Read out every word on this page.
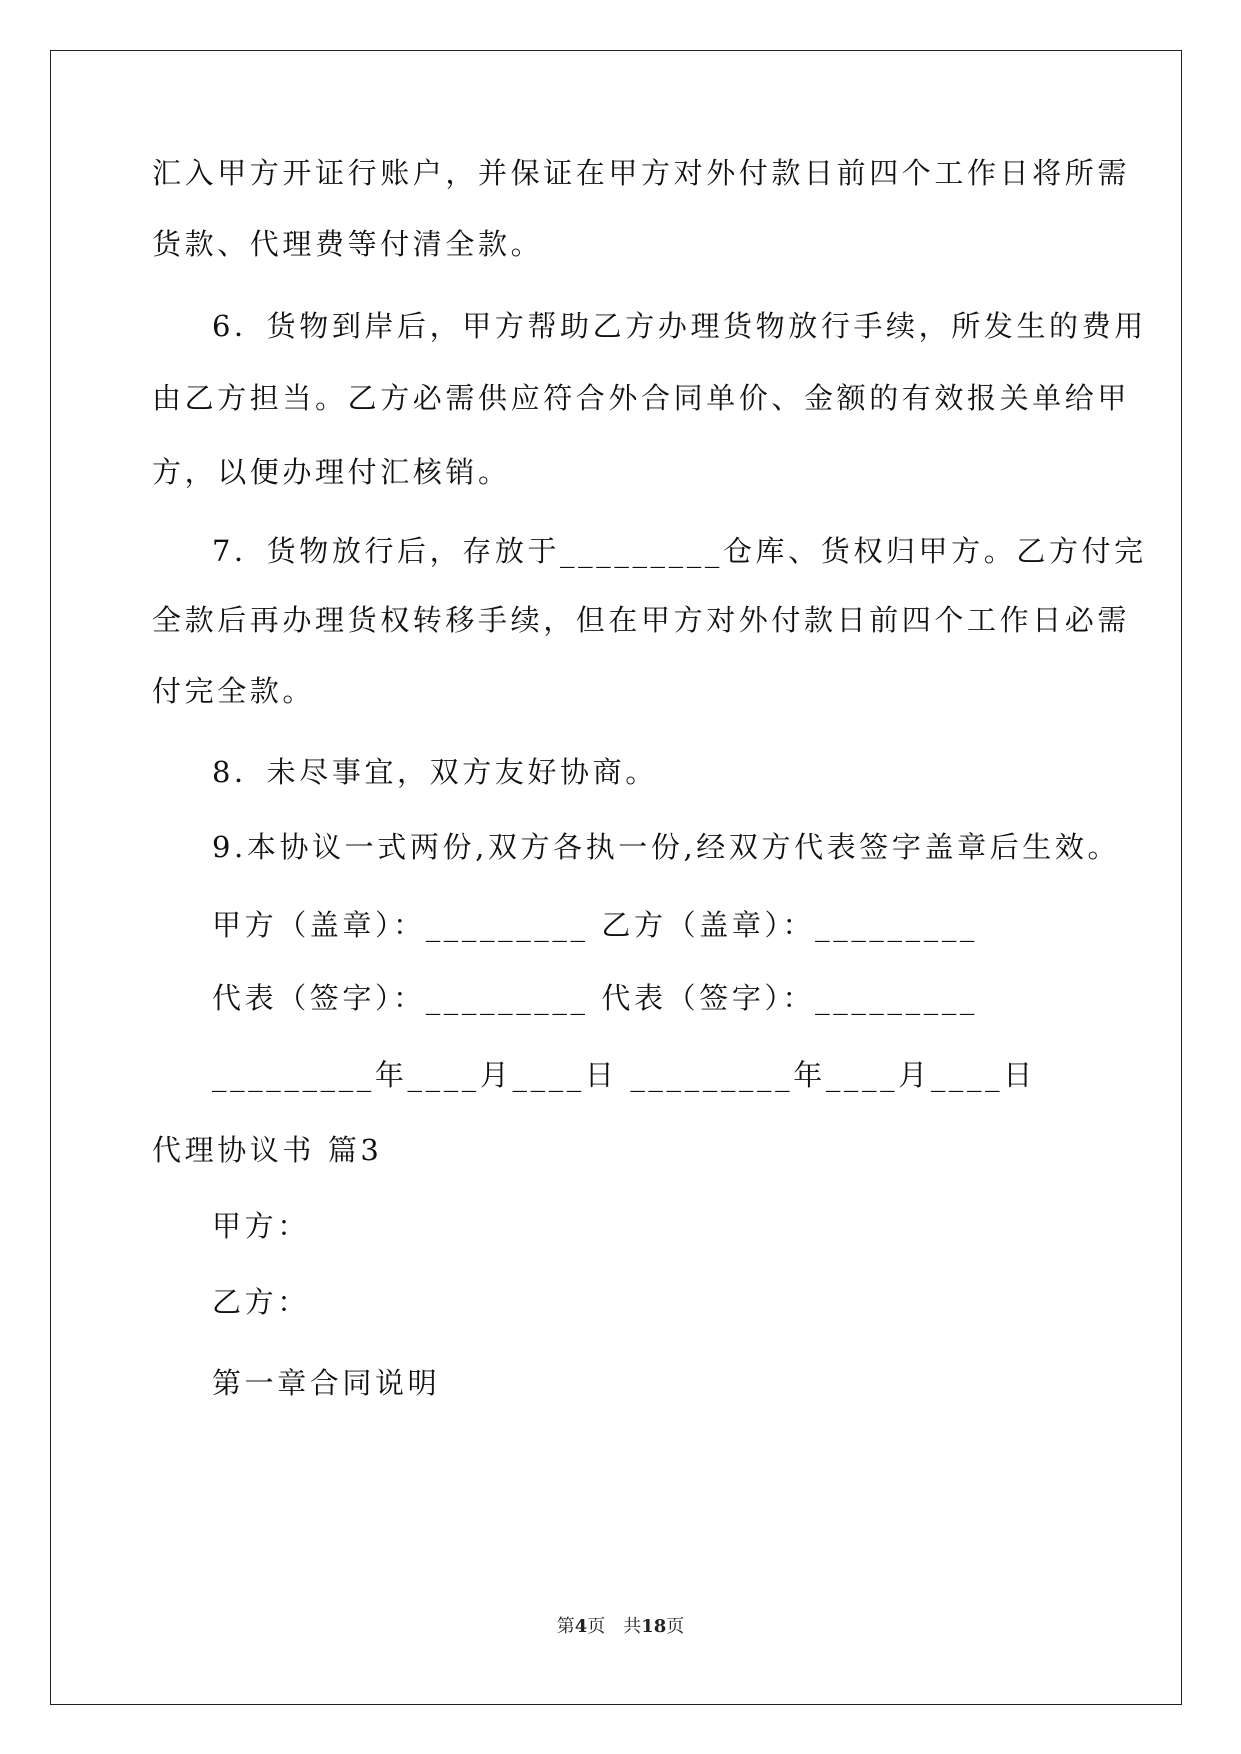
汇入甲方开证行账户，并保证在甲方对外付款日前四个工作日将所需
货款、代理费等付清全款。
6．货物到岸后，甲方帮助乙方办理货物放行手续，所发生的费用
由乙方担当。乙方必需供应符合外合同单价、金额的有效报关单给甲
方，以便办理付汇核销。
7．货物放行后，存放于_________仓库、货权归甲方。乙方付完
全款后再办理货权转移手续，但在甲方对外付款日前四个工作日必需
付完全款。
8．未尽事宜，双方友好协商。
9.本协议一式两份,双方各执一份,经双方代表签字盖章后生效。
甲方（盖章）：_________ 乙方（盖章）：_________
代表（签字）：_________ 代表（签字）：_________
_________年____月____日 _________年____月____日
代理协议书 篇3
甲方：
乙方：
第一章合同说明
第4页　共18页
